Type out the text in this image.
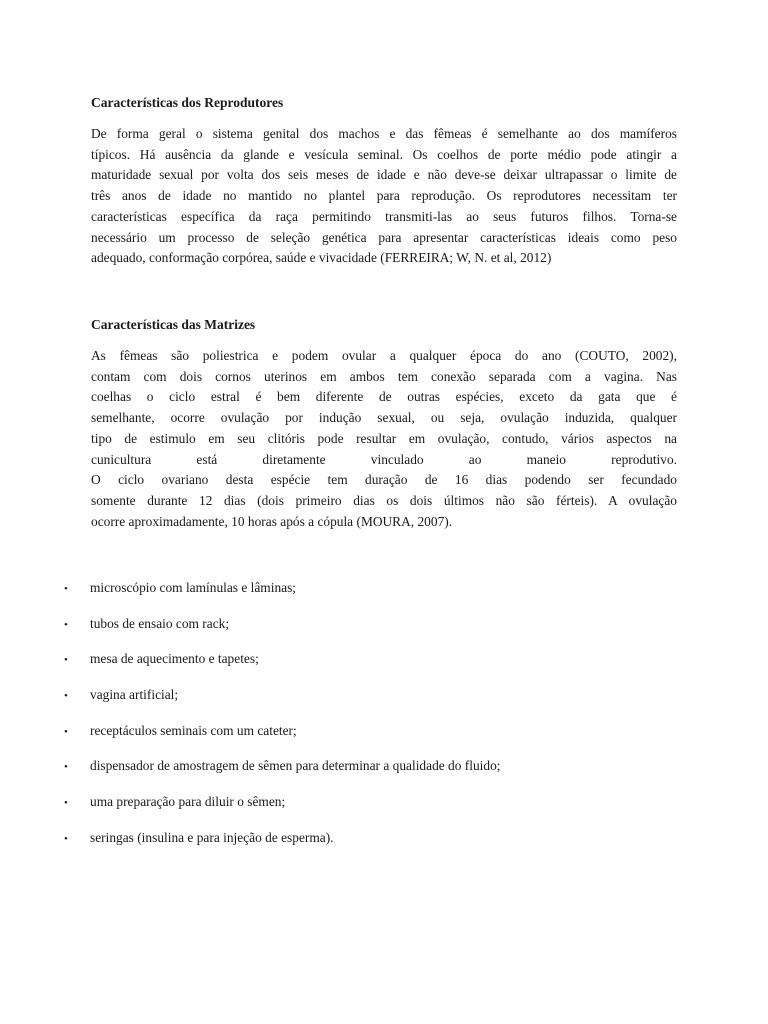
Características dos Reprodutores

De forma geral o sistema genital dos machos e das fêmeas é semelhante ao dos mamíferos
típicos. Há ausência da glande e vesícula seminal. Os coelhos de porte médio pode atingir a
maturidade sexual por volta dos seis meses de idade e não deve-se deixar ultrapassar o limite de
três anos de idade no mantido no plantel para reprodução. Os reprodutores necessitam ter
características específica da raça permitindo transmiti-las ao seus futuros filhos. Torna-se
necessário um processo de seleção genética para apresentar características ideais como peso
adequado, conformação corpórea, saúde e vivacidade (FERREIRA; W, N. et al, 2012)

Características das Matrizes

As fêmeas são poliestrica e podem ovular a qualquer época do ano (COUTO, 2002),
contam com dois cornos uterinos em ambos tem conexão separada com a vagina. Nas
coelhas o ciclo estral é bem diferente de outras espécies, exceto da gata que é
semelhante, ocorre ovulação por indução sexual, ou seja, ovulação induzida, qualquer
tipo de estimulo em seu clitóris pode resultar em ovulação, contudo, vários aspectos na
cunicultura está diretamente vinculado ao maneio reprodutivo.
O ciclo ovariano desta espécie tem duração de 16 dias podendo ser fecundado
somente durante 12 dias (dois primeiro dias os dois últimos não são férteis). A ovulação
ocorre aproximadamente, 10 horas após a cópula (MOURA, 2007).

• microscópio com lamínulas e lâminas;
• tubos de ensaio com rack;
• mesa de aquecimento e tapetes;
• vagina artificial;
• receptáculos seminais com um cateter;
• dispensador de amostragem de sêmen para determinar a qualidade do fluido;
• uma preparação para diluir o sêmen;
• seringas (insulina e para injeção de esperma).
